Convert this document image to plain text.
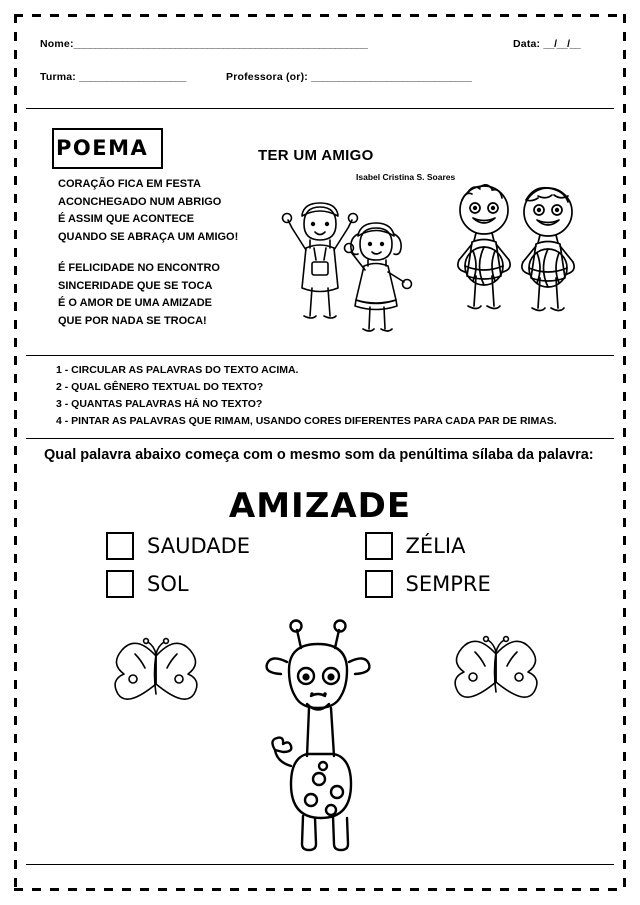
Nome:_______________________________________________________	Data: __/__/__
Turma: ____________________	Professora (or): ______________________________
POEMA

CORAÇÃO FICA EM FESTA
ACONCHEGADO NUM ABRIGO
É ASSIM QUE ACONTECE
QUANDO SE ABRAÇA UM AMIGO!

É FELICIDADE NO ENCONTRO
SINCERIDADE QUE SE TOCA
É O AMOR DE UMA AMIZADE
QUE POR NADA SE TROCA!

TER UM AMIGO
Isabel Cristina S. Soares
1 - CIRCULAR AS PALAVRAS DO TEXTO ACIMA.
2 - QUAL GÊNERO TEXTUAL DO TEXTO?
3 - QUANTAS PALAVRAS HÁ NO TEXTO?
4 - PINTAR AS PALAVRAS QUE RIMAM, USANDO CORES DIFERENTES PARA CADA PAR DE RIMAS.
Qual palavra abaixo começa com o mesmo som da penúltima sílaba da palavra:
AMIZADE
SAUDADE	ZÉLIA
SOL	SEMPRE
